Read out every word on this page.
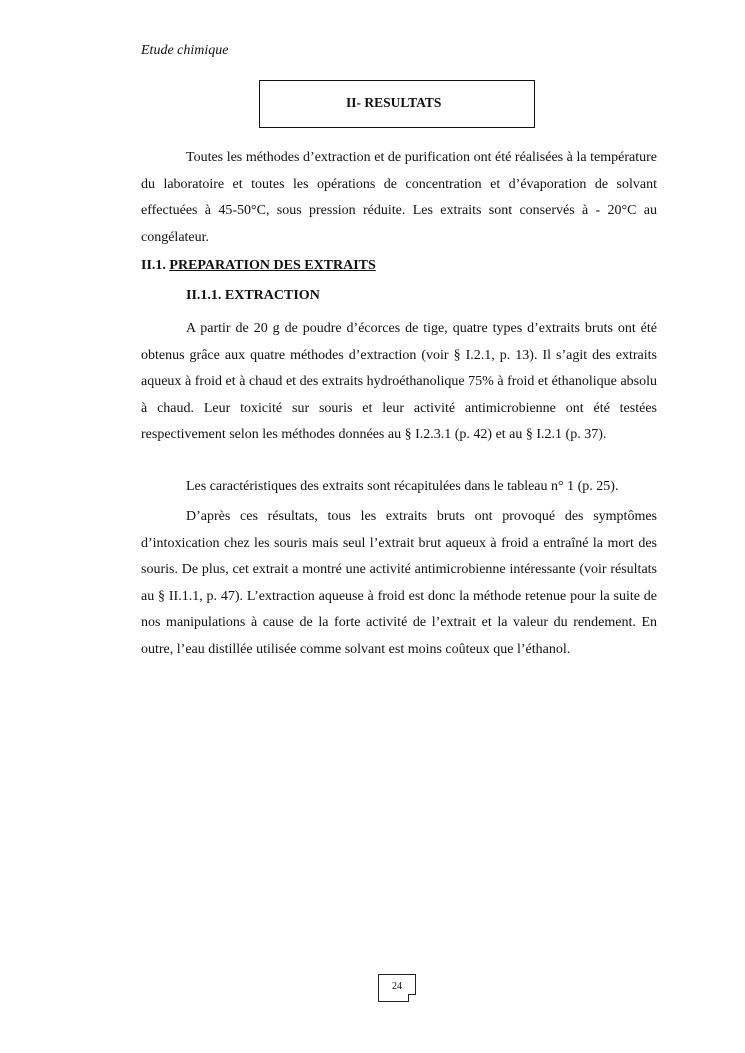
Etude chimique
II- RESULTATS

Toutes les méthodes d’extraction et de purification ont été réalisées à la température du laboratoire et toutes les opérations de concentration et d’évaporation de solvant effectuées à 45-50°C, sous pression réduite. Les extraits sont conservés à - 20°C au congélateur.

II.1. PREPARATION DES EXTRAITS
II.1.1. EXTRACTION

A partir de 20 g de poudre d’écorces de tige, quatre types d’extraits bruts ont été obtenus grâce aux quatre méthodes d’extraction (voir § I.2.1, p. 13). Il s’agit des extraits aqueux à froid et à chaud et des extraits hydroéthanolique 75% à froid et éthanolique absolu à chaud. Leur toxicité sur souris et leur activité antimicrobienne ont été testées respectivement selon les méthodes données au § I.2.3.1 (p. 42) et au § I.2.1 (p. 37).

Les caractéristiques des extraits sont récapitulées dans le tableau n° 1 (p. 25).

D’après ces résultats, tous les extraits bruts ont provoqué des symptômes d’intoxication chez les souris mais seul l’extrait brut aqueux à froid a entraîné la mort des souris. De plus, cet extrait a montré une activité antimicrobienne intéressante (voir résultats au § II.1.1, p. 47). L’extraction aqueuse à froid est donc la méthode retenue pour la suite de nos manipulations à cause de la forte activité de l’extrait et la valeur du rendement. En outre, l’eau distillée utilisée comme solvant est moins coûteux que l’éthanol.

24
